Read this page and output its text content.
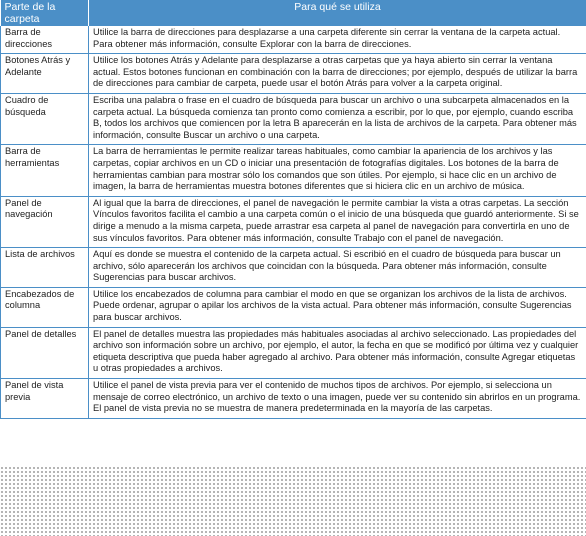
Parte de la carpeta	Para qué se utiliza
Barra de direcciones	Utilice la barra de direcciones para desplazarse a una carpeta diferente sin cerrar la ventana de la carpeta actual. Para obtener más información, consulte Explorar con la barra de direcciones.
Botones Atrás y Adelante	Utilice los botones Atrás y Adelante para desplazarse a otras carpetas que ya haya abierto sin cerrar la ventana actual. Estos botones funcionan en combinación con la barra de direcciones; por ejemplo, después de utilizar la barra de direcciones para cambiar de carpeta, puede usar el botón Atrás para volver a la carpeta original.
Cuadro de búsqueda	Escriba una palabra o frase en el cuadro de búsqueda para buscar un archivo o una subcarpeta almacenados en la carpeta actual. La búsqueda comienza tan pronto como comienza a escribir, por lo que, por ejemplo, cuando escriba B, todos los archivos que comiencen por la letra B aparecerán en la lista de archivos de la carpeta. Para obtener más información, consulte Buscar un archivo o una carpeta.
Barra de herramientas	La barra de herramientas le permite realizar tareas habituales, como cambiar la apariencia de los archivos y las carpetas, copiar archivos en un CD o iniciar una presentación de fotografías digitales. Los botones de la barra de herramientas cambian para mostrar sólo los comandos que son útiles. Por ejemplo, si hace clic en un archivo de imagen, la barra de herramientas muestra botones diferentes que si hiciera clic en un archivo de música.
Panel de navegación	Al igual que la barra de direcciones, el panel de navegación le permite cambiar la vista a otras carpetas. La sección Vínculos favoritos facilita el cambio a una carpeta común o el inicio de una búsqueda que guardó anteriormente. Si se dirige a menudo a la misma carpeta, puede arrastrar esa carpeta al panel de navegación para convertirla en uno de sus vínculos favoritos. Para obtener más información, consulte Trabajo con el panel de navegación.
Lista de archivos	Aquí es donde se muestra el contenido de la carpeta actual. Si escribió en el cuadro de búsqueda para buscar un archivo, sólo aparecerán los archivos que coincidan con la búsqueda. Para obtener más información, consulte Sugerencias para buscar archivos.
Encabezados de columna	Utilice los encabezados de columna para cambiar el modo en que se organizan los archivos de la lista de archivos. Puede ordenar, agrupar o apilar los archivos de la vista actual. Para obtener más información, consulte Sugerencias para buscar archivos.
Panel de detalles	El panel de detalles muestra las propiedades más habituales asociadas al archivo seleccionado. Las propiedades del archivo son información sobre un archivo, por ejemplo, el autor, la fecha en que se modificó por última vez y cualquier etiqueta descriptiva que pueda haber agregado al archivo. Para obtener más información, consulte Agregar etiquetas u otras propiedades a archivos.
Panel de vista previa	Utilice el panel de vista previa para ver el contenido de muchos tipos de archivos. Por ejemplo, si selecciona un mensaje de correo electrónico, un archivo de texto o una imagen, puede ver su contenido sin abrirlos en un programa. El panel de vista previa no se muestra de manera predeterminada en la mayoría de las carpetas.
